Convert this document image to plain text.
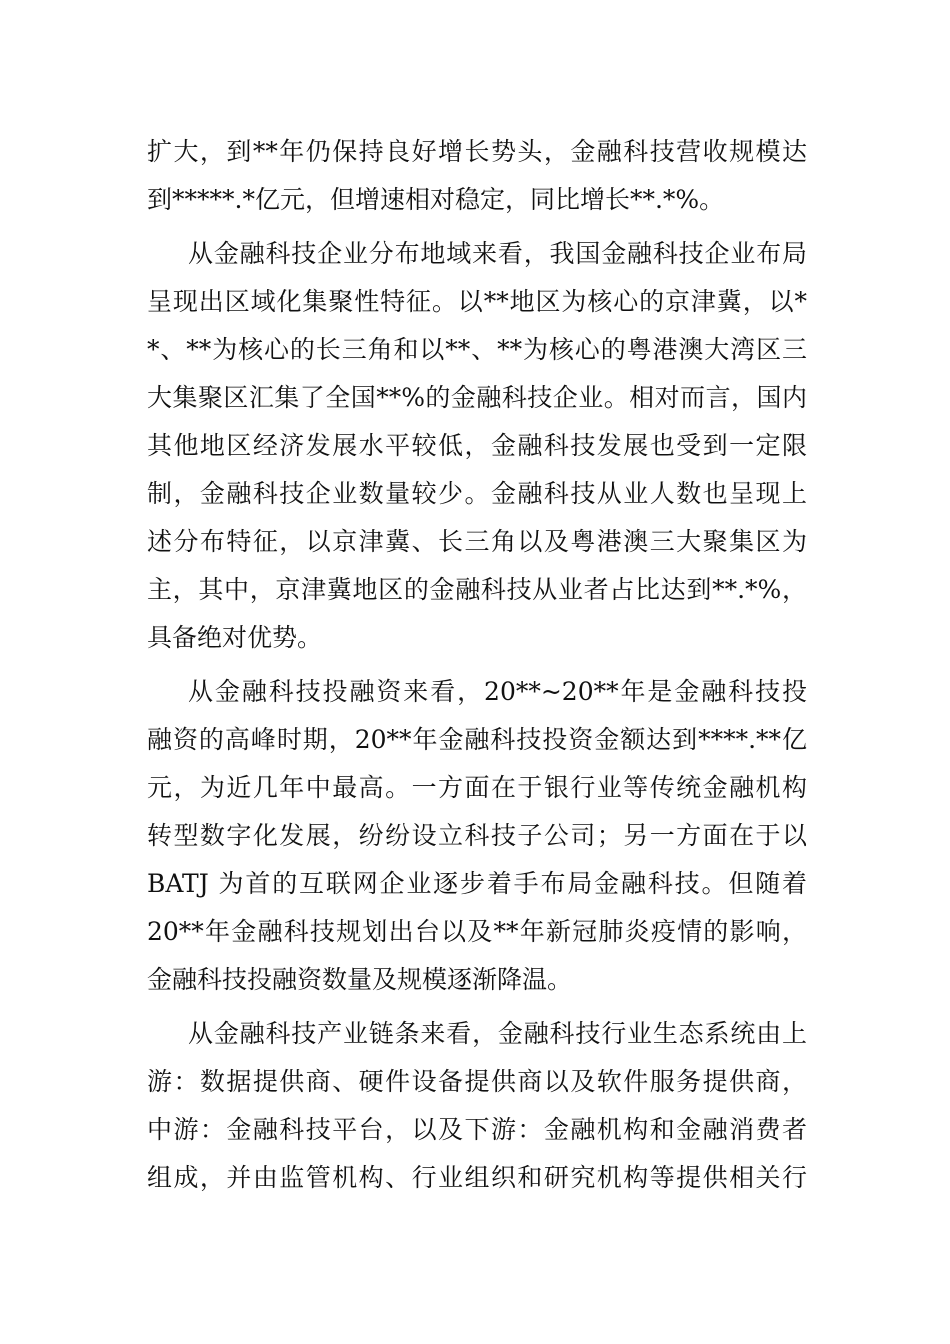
扩大，到**年仍保持良好增长势头，金融科技营收规模达
到*****.*亿元，但增速相对稳定，同比增长**.*%。
从金融科技企业分布地域来看，我国金融科技企业布局
呈现出区域化集聚性特征。以**地区为核心的京津冀，以*
*、**为核心的长三角和以**、**为核心的粤港澳大湾区三
大集聚区汇集了全国**%的金融科技企业。相对而言，国内
其他地区经济发展水平较低，金融科技发展也受到一定限
制，金融科技企业数量较少。金融科技从业人数也呈现上
述分布特征，以京津冀、长三角以及粤港澳三大聚集区为
主，其中，京津冀地区的金融科技从业者占比达到**.*%，
具备绝对优势。
从金融科技投融资来看，20**~20**年是金融科技投
融资的高峰时期，20**年金融科技投资金额达到****.**亿
元，为近几年中最高。一方面在于银行业等传统金融机构
转型数字化发展，纷纷设立科技子公司；另一方面在于以
BATJ 为首的互联网企业逐步着手布局金融科技。但随着
20**年金融科技规划出台以及**年新冠肺炎疫情的影响，
金融科技投融资数量及规模逐渐降温。
从金融科技产业链条来看，金融科技行业生态系统由上
游：数据提供商、硬件设备提供商以及软件服务提供商，
中游：金融科技平台，以及下游：金融机构和金融消费者
组成，并由监管机构、行业组织和研究机构等提供相关行
